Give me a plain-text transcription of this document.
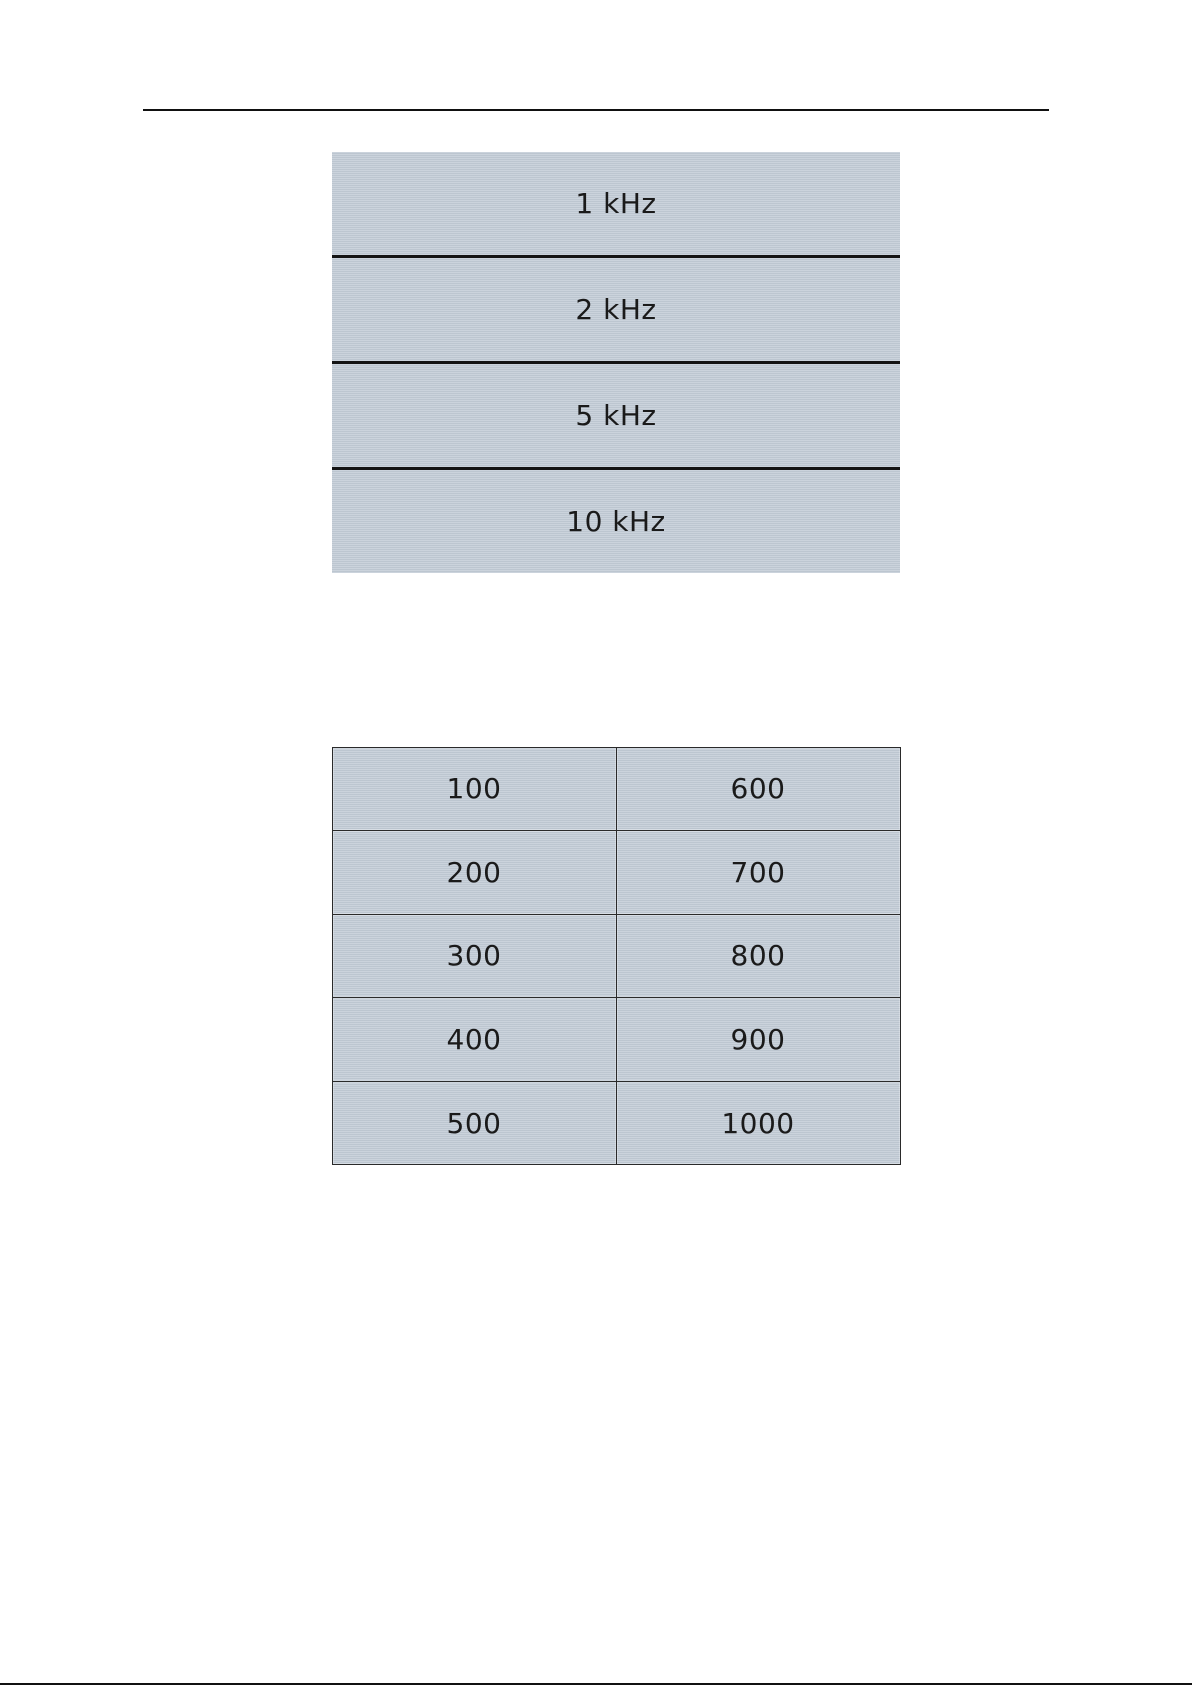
1 kHz
2 kHz
5 kHz
10 kHz
100
200
300
400
500
600
700
800
900
1000
